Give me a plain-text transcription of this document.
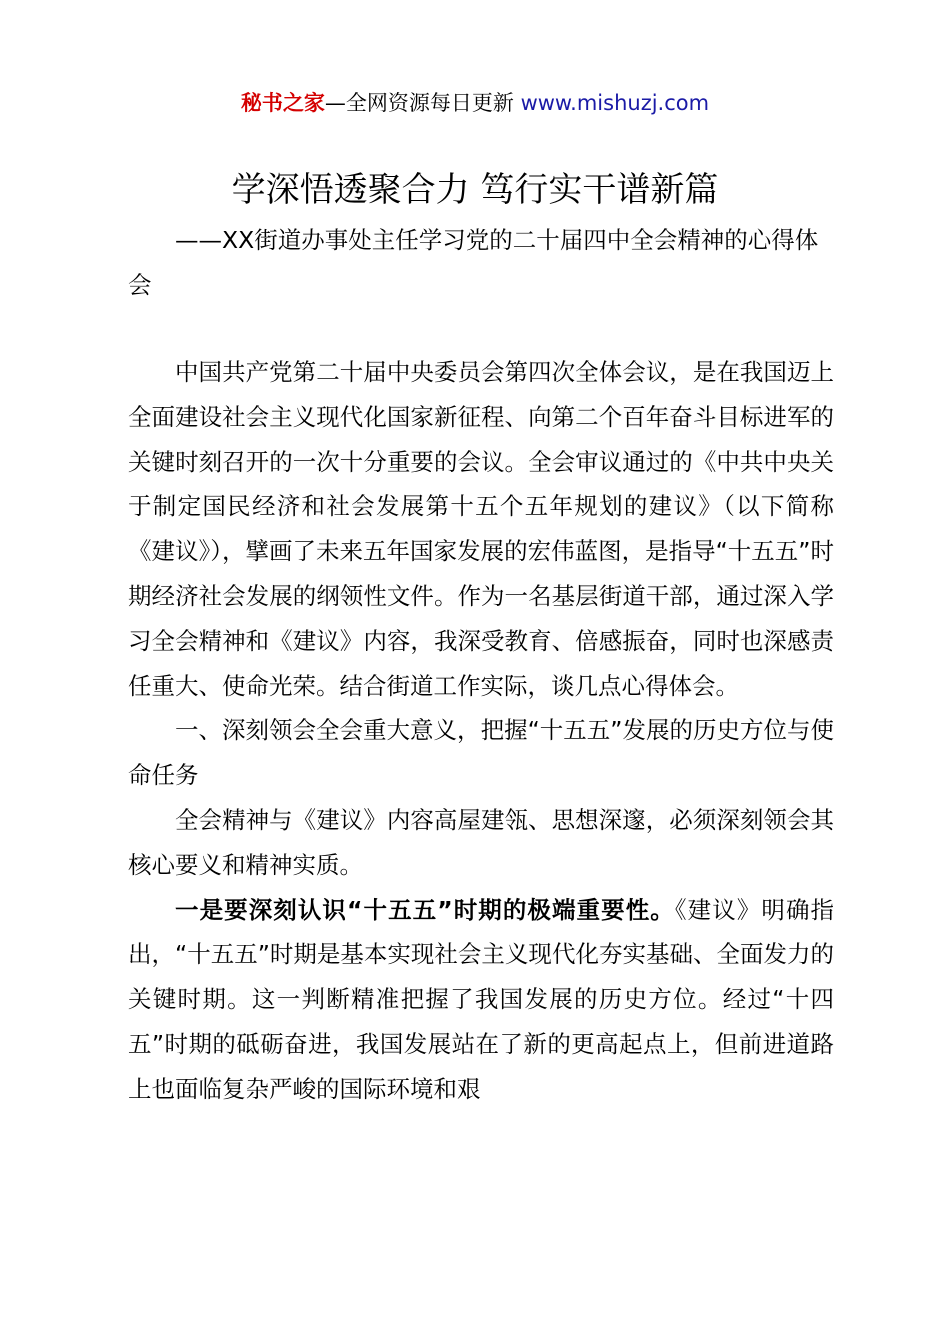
秘书之家—全网资源每日更新 www.mishuzj.com
学深悟透聚合力 笃行实干谱新篇
——XX街道办事处主任学习党的二十届四中全会精神的心得体会

中国共产党第二十届中央委员会第四次全体会议，是在我国迈上全面建设社会主义现代化国家新征程、向第二个百年奋斗目标进军的关键时刻召开的一次十分重要的会议。全会审议通过的《中共中央关于制定国民经济和社会发展第十五个五年规划的建议》（以下简称《建议》），擘画了未来五年国家发展的宏伟蓝图，是指导“十五五”时期经济社会发展的纲领性文件。作为一名基层街道干部，通过深入学习全会精神和《建议》内容，我深受教育、倍感振奋，同时也深感责任重大、使命光荣。结合街道工作实际，谈几点心得体会。

一、深刻领会全会重大意义，把握“十五五”发展的历史方位与使命任务

全会精神与《建议》内容高屋建瓴、思想深邃，必须深刻领会其核心要义和精神实质。

一是要深刻认识“十五五”时期的极端重要性。《建议》明确指出，“十五五”时期是基本实现社会主义现代化夯实基础、全面发力的关键时期。这一判断精准把握了我国发展的历史方位。经过“十四五”时期的砥砺奋进，我国发展站在了新的更高起点上，但前进道路上也面临复杂严峻的国际环境和艰
